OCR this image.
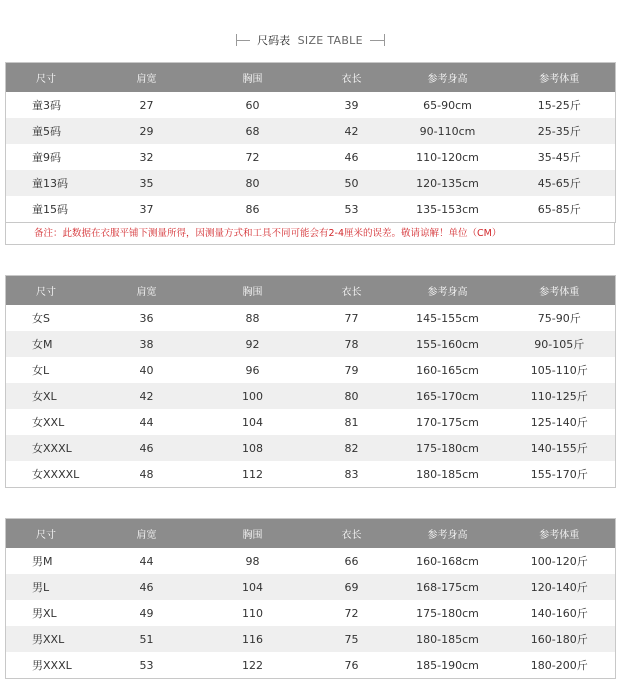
尺码表 SIZE TABLE
尺寸	肩宽	胸围	衣长	参考身高	参考体重
童3码	27	60	39	65-90cm	15-25斤
童5码	29	68	42	90-110cm	25-35斤
童9码	32	72	46	110-120cm	35-45斤
童13码	35	80	50	120-135cm	45-65斤
童15码	37	86	53	135-153cm	65-85斤
备注：此数据在衣服平铺下测量所得，因测量方式和工具不同可能会有2-4厘米的误差。敬请谅解！单位（CM）
尺寸	肩宽	胸围	衣长	参考身高	参考体重
女S	36	88	77	145-155cm	75-90斤
女M	38	92	78	155-160cm	90-105斤
女L	40	96	79	160-165cm	105-110斤
女XL	42	100	80	165-170cm	110-125斤
女XXL	44	104	81	170-175cm	125-140斤
女XXXL	46	108	82	175-180cm	140-155斤
女XXXXL	48	112	83	180-185cm	155-170斤
尺寸	肩宽	胸围	衣长	参考身高	参考体重
男M	44	98	66	160-168cm	100-120斤
男L	46	104	69	168-175cm	120-140斤
男XL	49	110	72	175-180cm	140-160斤
男XXL	51	116	75	180-185cm	160-180斤
男XXXL	53	122	76	185-190cm	180-200斤
